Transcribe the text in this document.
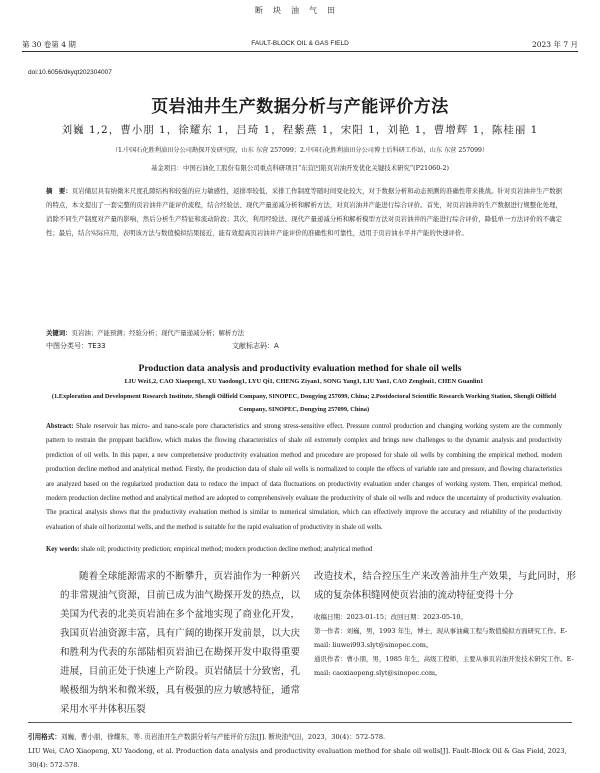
断块油气田
第 30 卷第 4 期	FAULT-BLOCK OIL & GAS FIELD	2023 年 7 月
doi:10.6056/dkyqt202304007
页岩油井生产数据分析与产能评价方法
刘巍 1,2，曹小朋 1，徐耀东 1，吕琦 1，程紫燕 1，宋阳 1，刘艳 1，曹增辉 1，陈桂丽 1
（1.中国石化胜利油田分公司勘探开发研究院，山东 东营 257099；2.中国石化胜利油田分公司博士后科研工作站，山东 东营 257099）
基金项目：中国石油化工股份有限公司重点科研项目“东营凹陷页岩油开发优化关键技术研究”(P21060-2)
摘　要：页岩储层具有纳微米尺度孔隙结构和较强的应力敏感性，返排率较低，采排工作制度等随时间变化较大，对于数据分析和动态预测的准确性带来挑战。针对页岩油井生产数据的特点，本文提出了一套完整的页岩油井产能评价流程，结合经验法、现代产量递减分析和解析方法，对页岩油井产能进行综合评价。首先，对页岩油井的生产数据进行规整化处理，消除不同生产制度对产量的影响，然后分析生产特征和流动阶段；其次，利用经验法、现代产量递减分析和解析模型方法对页岩油井的产能进行综合评价，降低单一方法评价的不确定性；最后，结合实际应用，表明该方法与数值模拟结果接近，能有效提高页岩油井产能评价的准确性和可靠性，适用于页岩油水平井产能的快速评价。
关键词：页岩油；产能预测；经验分析；现代产量递减分析；解析方法
中图分类号：TE33	文献标志码：A
Production data analysis and productivity evaluation method for shale oil wells
LIU Wei1,2, CAO Xiaopeng1, XU Yaodong1, LYU Qi1, CHENG Ziyan1, SONG Yang1, LIU Yan1, CAO Zenghui1, CHEN Guanlin1
(1.Exploration and Development Research Institute, Shengli Oilfield Company, SINOPEC, Dongying 257099, China; 2.Postdoctoral Scientific Research Working Station, Shengli Oilfield Company, SINOPEC, Dongying 257099, China)
Abstract: Shale reservoir has micro- and nano-scale pore characteristics and strong stress-sensitive effect. Pressure control production and changing working system are the commonly pattern to restrain the proppant backflow, which makes the flowing characteristics of shale oil extremely complex and brings new challenges to the dynamic analysis and productivity prediction of oil wells. In this paper, a new comprehensive productivity evaluation method and procedure are proposed for shale oil wells by combining the empirical method, modern production decline method and analytical method. Firstly, the production data of shale oil wells is normalized to couple the effects of variable rate and pressure, and flowing characteristics are analyzed based on the regularized production data to reduce the impact of data fluctuations on productivity evaluation under changes of working system. Then, empirical method, modern production decline method and analytical method are adopted to comprehensively evaluate the productivity of shale oil wells and reduce the uncertainty of productivity evaluation. The practical analysis shows that the productivity evaluation method is similar to numerical simulation, which can effectively improve the accuracy and reliability of the productivity evaluation of shale oil horizontal wells, and the method is suitable for the rapid evaluation of productivity in shale oil wells.
Key words: shale oil; productivity prediction; empirical method; modern production decline method; analytical method
随着全球能源需求的不断攀升，页岩油作为一种新兴的非常规油气资源，目前已成为油气勘探开发的热点，以美国为代表的北美页岩油在多个盆地实现了商业化开发，我国页岩油资源丰富，具有广阔的勘探开发前景，以大庆和胜利为代表的东部陆相页岩油已在勘探开发中取得重要进展，目前正处于快速上产阶段。页岩储层十分致密，孔喉极细为纳米和微米级，具有极强的应力敏感特征，通常采用水平井体积压裂
改造技术，结合控压生产来改善油井生产效果，与此同时，形成的复杂体积缝网使页岩油的流动特征变得十分

收稿日期：2023-01-15；改回日期：2023-05-10。

第一作者：刘巍，男，1993 年生，博士，现从事油藏工程与数值模拟方面研究工作。E-mail: liuwei993.slyt@sinopec.com。

通讯作者：曹小朋，男，1985 年生，高级工程师，主要从事页岩油开发技术研究工作。E-mail: caoxiaopeng.slyt@sinopec.com。

引用格式：刘巍，曹小朋，徐耀东，等. 页岩油井生产数据分析与产能评价方法[J]. 断块油气田，2023，30(4)：572-578.
LIU Wei, CAO Xiaopeng, XU Yaodong, et al. Production data analysis and productivity evaluation method for shale oil wells[J]. Fault-Block Oil & Gas Field, 2023, 30(4): 572-578.
